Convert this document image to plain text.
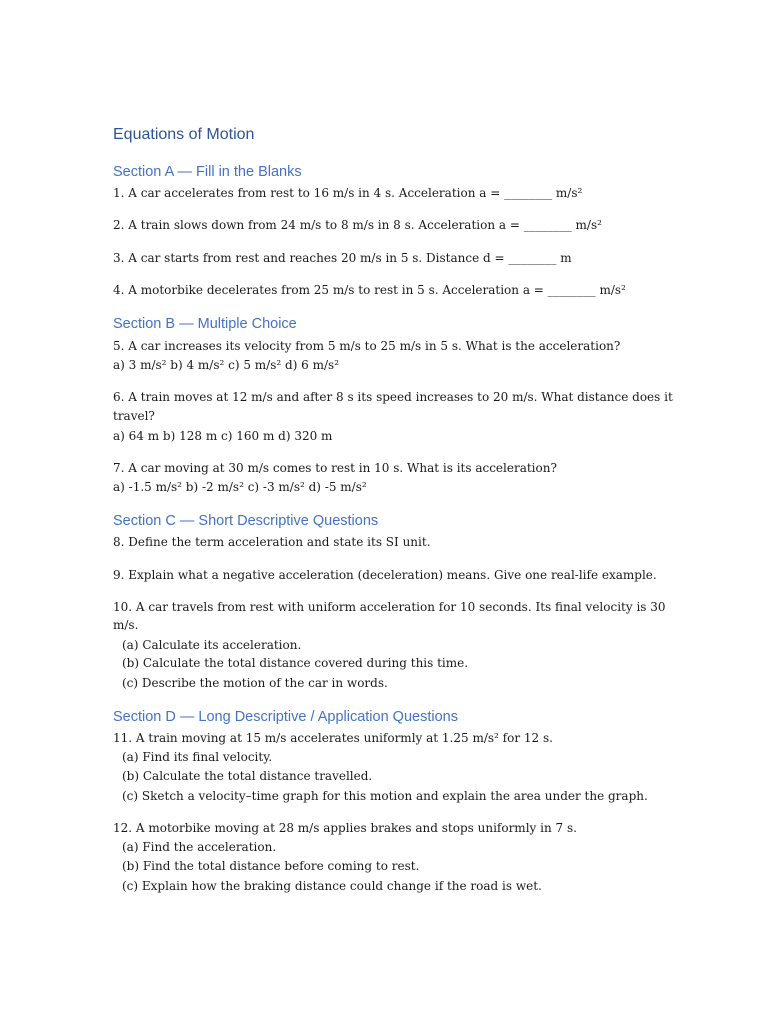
Equations of Motion
Section A — Fill in the Blanks

1. A car accelerates from rest to 16 m/s in 4 s. Acceleration a = ________ m/s²

2. A train slows down from 24 m/s to 8 m/s in 8 s. Acceleration a = ________ m/s²

3. A car starts from rest and reaches 20 m/s in 5 s. Distance d = ________ m

4. A motorbike decelerates from 25 m/s to rest in 5 s. Acceleration a = ________ m/s²

Section B — Multiple Choice

5. A car increases its velocity from 5 m/s to 25 m/s in 5 s. What is the acceleration?

a) 3 m/s² b) 4 m/s² c) 5 m/s² d) 6 m/s²

6. A train moves at 12 m/s and after 8 s its speed increases to 20 m/s. What distance does it

travel?

a) 64 m b) 128 m c) 160 m d) 320 m

7. A car moving at 30 m/s comes to rest in 10 s. What is its acceleration?

a) -1.5 m/s² b) -2 m/s² c) -3 m/s² d) -5 m/s²

Section C — Short Descriptive Questions

8. Define the term acceleration and state its SI unit.

9. Explain what a negative acceleration (deceleration) means. Give one real-life example.

10. A car travels from rest with uniform acceleration for 10 seconds. Its final velocity is 30

m/s.

(a) Calculate its acceleration.

(b) Calculate the total distance covered during this time.

(c) Describe the motion of the car in words.

Section D — Long Descriptive / Application Questions

11. A train moving at 15 m/s accelerates uniformly at 1.25 m/s² for 12 s.

(a) Find its final velocity.

(b) Calculate the total distance travelled.

(c) Sketch a velocity–time graph for this motion and explain the area under the graph.

12. A motorbike moving at 28 m/s applies brakes and stops uniformly in 7 s.

(a) Find the acceleration.

(b) Find the total distance before coming to rest.

(c) Explain how the braking distance could change if the road is wet.
